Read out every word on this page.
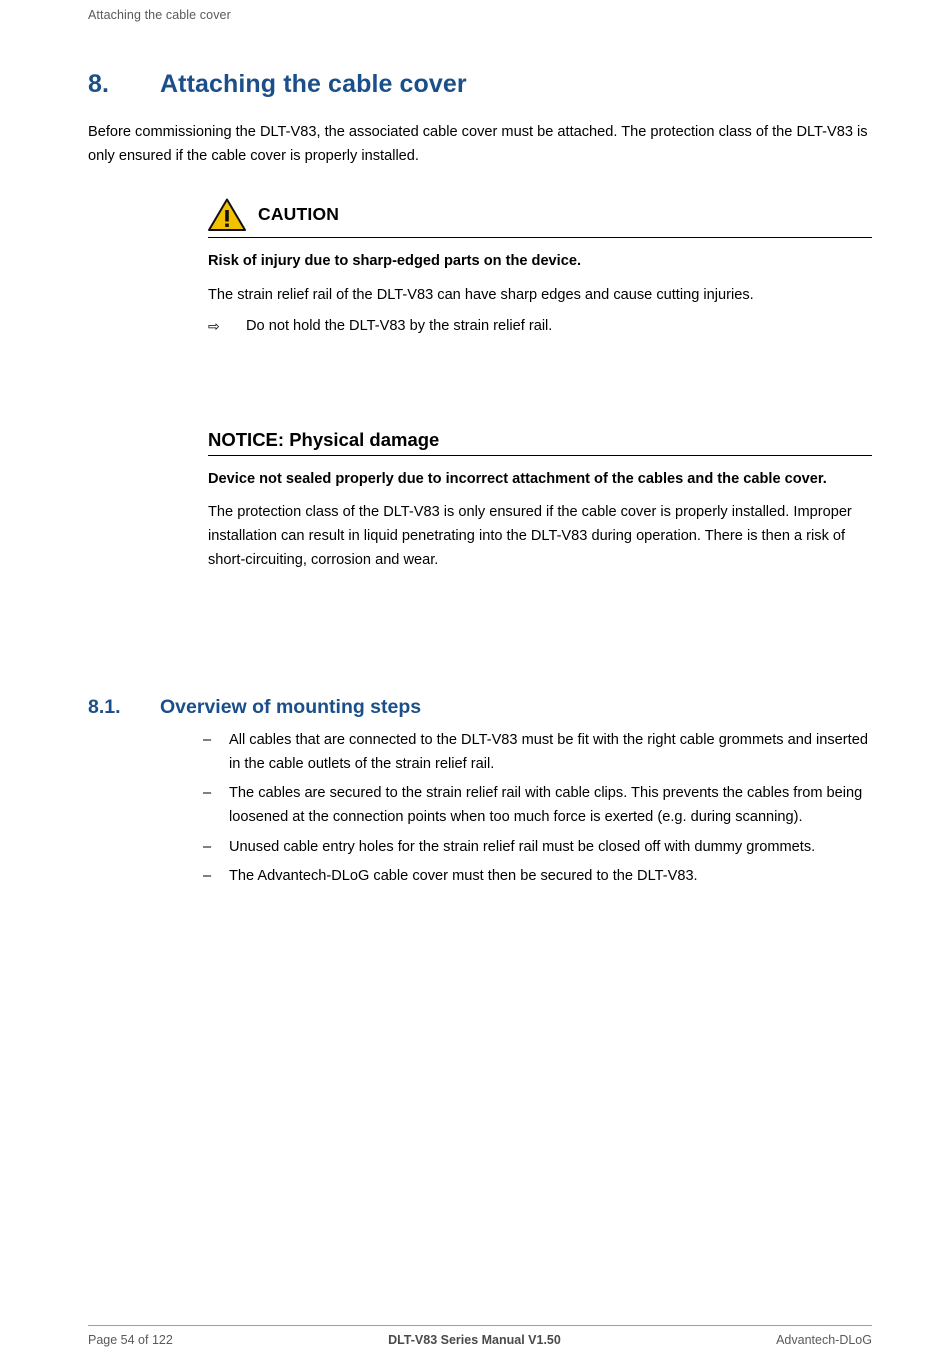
Attaching the cable cover
8.	Attaching the cable cover

Before commissioning the DLT-V83, the associated cable cover must be attached. The protection class of the DLT-V83 is only ensured if the cable cover is properly installed.

CAUTION
Risk of injury due to sharp-edged parts on the device.
The strain relief rail of the DLT-V83 can have sharp edges and cause cutting injuries.
⇨	Do not hold the DLT-V83 by the strain relief rail.
NOTICE: Physical damage
Device not sealed properly due to incorrect attachment of the cables and the cable cover.
The protection class of the DLT-V83 is only ensured if the cable cover is properly installed. Improper installation can result in liquid penetrating into the DLT-V83 during operation. There is then a risk of short-circuiting, corrosion and wear.
8.1.	Overview of mounting steps
–	All cables that are connected to the DLT-V83 must be fit with the right cable grommets and inserted in the cable outlets of the strain relief rail.
–	The cables are secured to the strain relief rail with cable clips. This prevents the cables from being loosened at the connection points when too much force is exerted (e.g. during scanning).
–	Unused cable entry holes for the strain relief rail must be closed off with dummy grommets.
–	The Advantech-DLoG cable cover must then be secured to the DLT-V83.
Page 54 of 122	DLT-V83 Series Manual V1.50	Advantech-DLoG
